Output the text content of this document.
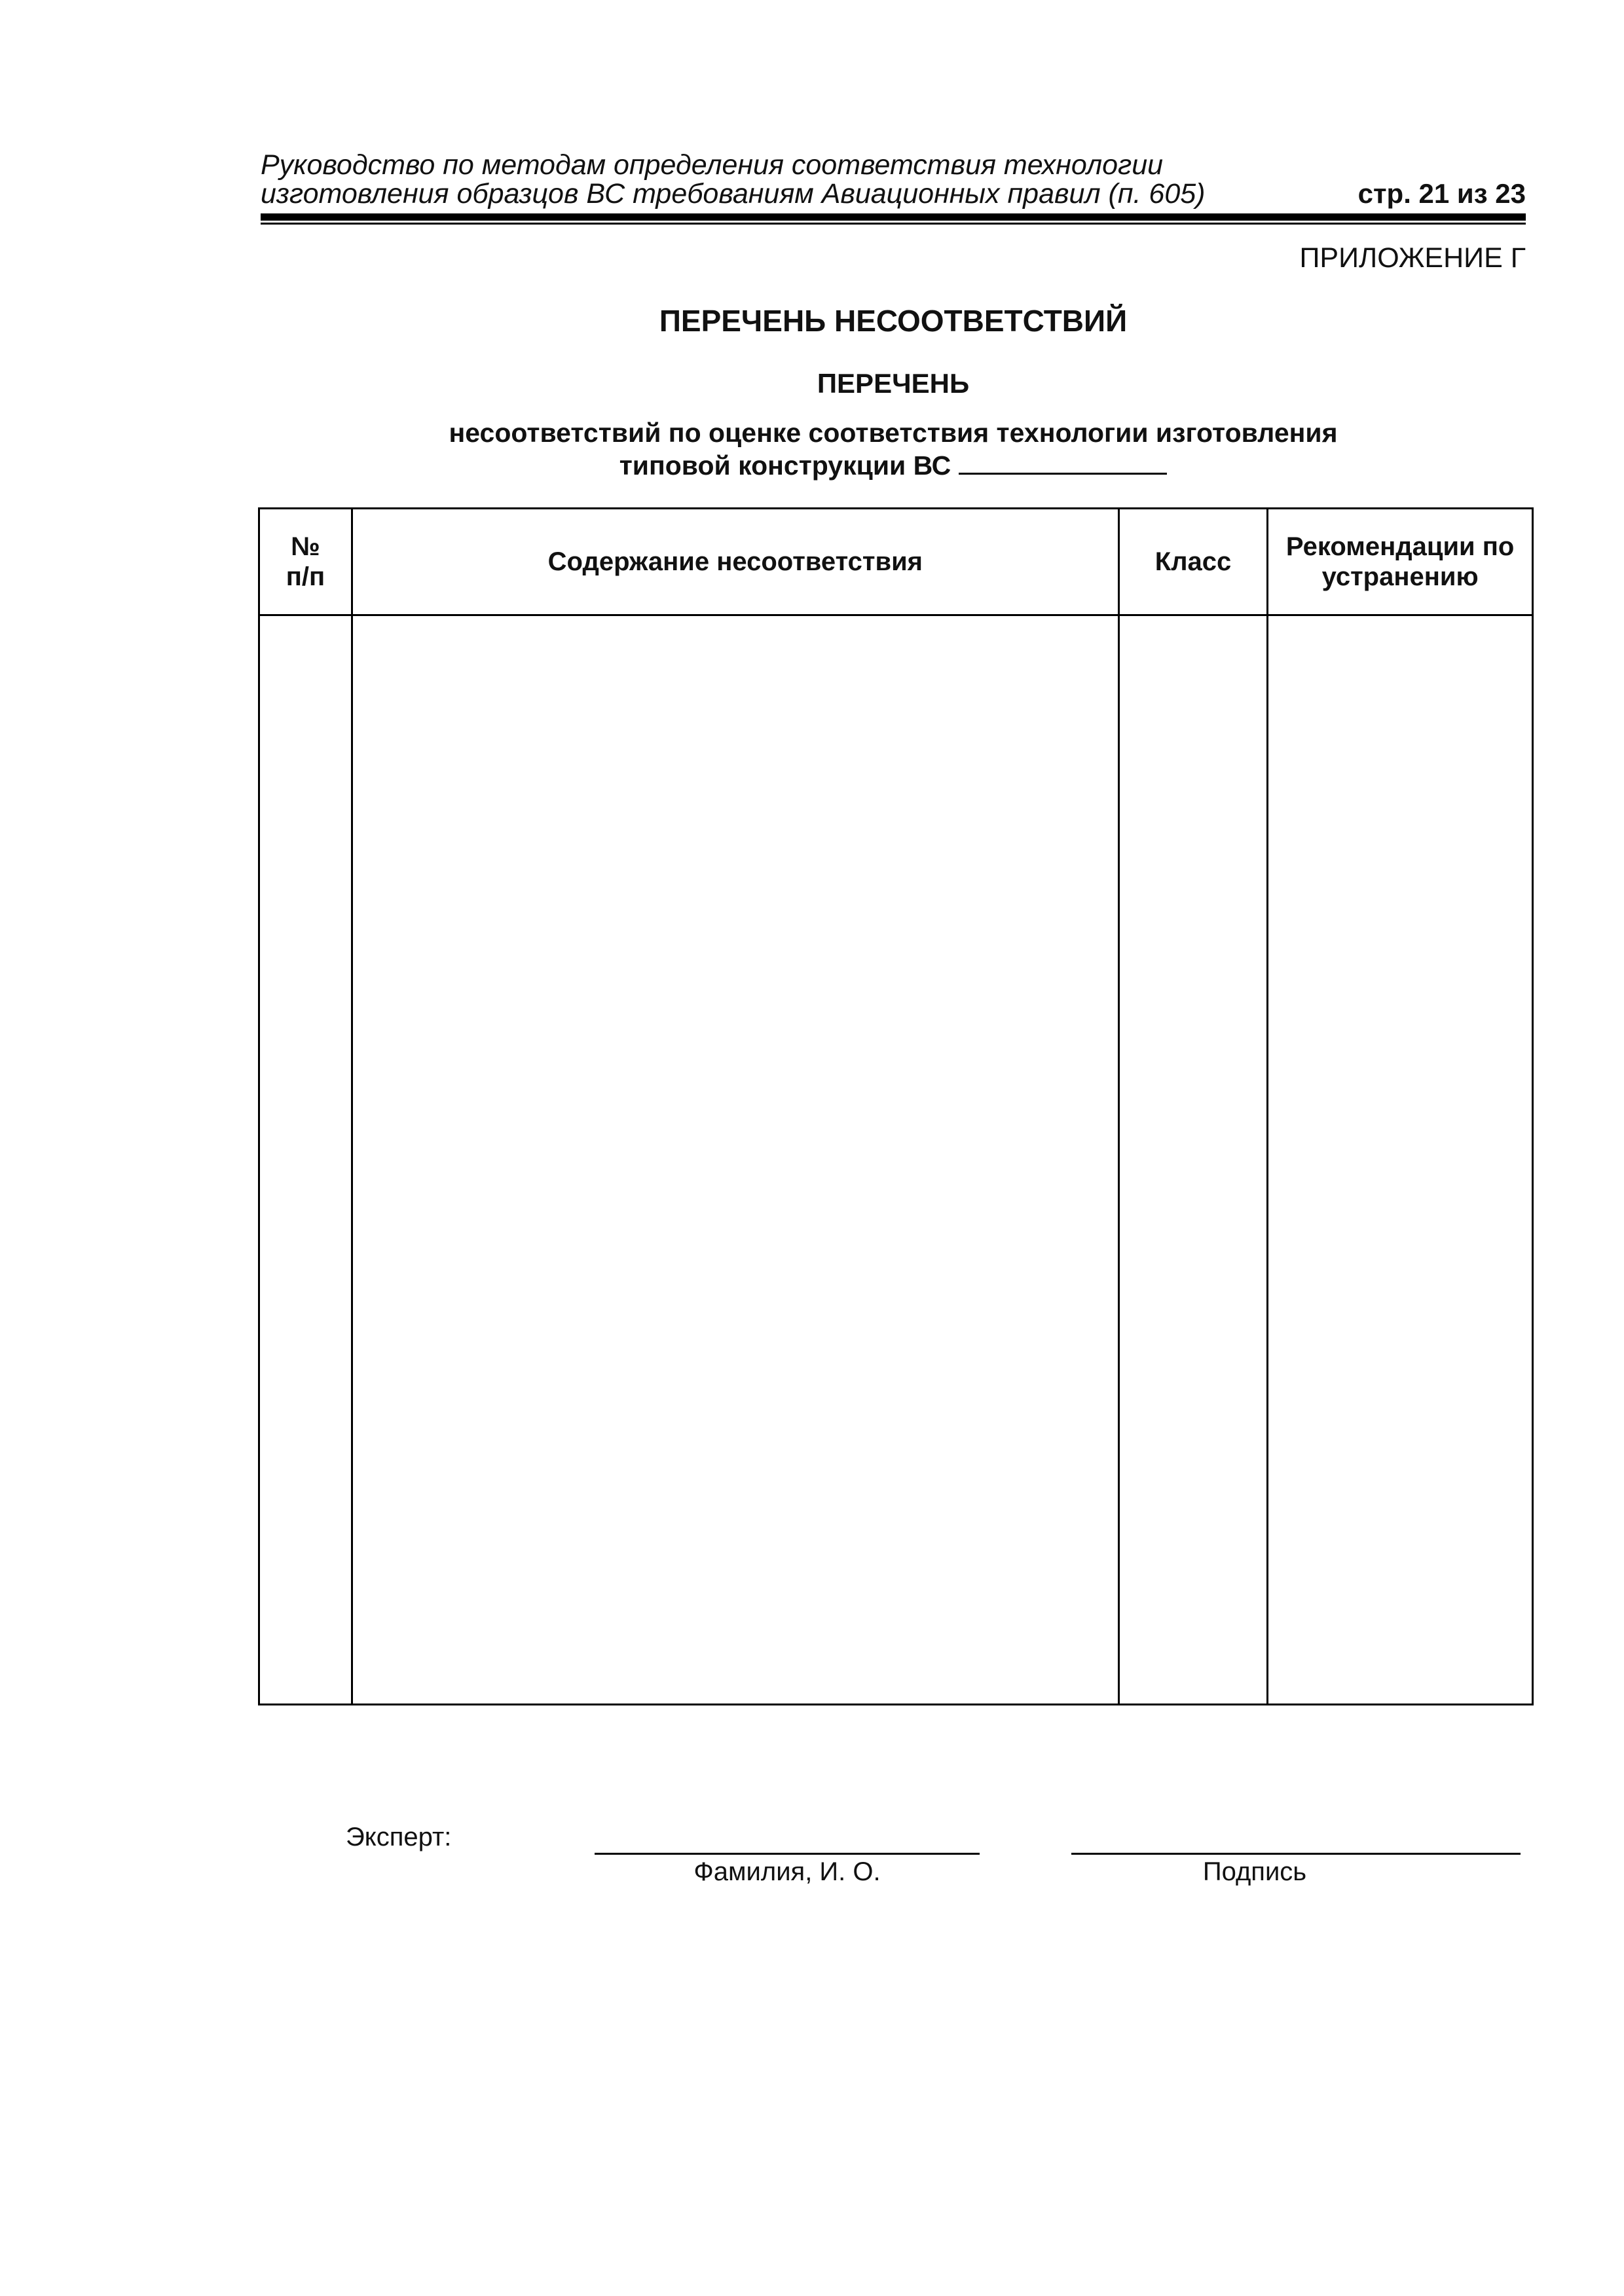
Руководство по методам определения соответствия технологии
изготовления образцов ВС требованиям Авиационных правил (п. 605)	стр. 21 из 23
ПРИЛОЖЕНИЕ Г
ПЕРЕЧЕНЬ НЕСООТВЕТСТВИЙ
ПЕРЕЧЕНЬ
несоответствий по оценке соответствия технологии изготовления
типовой конструкции ВС
№
п/п	Содержание несоответствия	Класс	Рекомендации по
устранению

Эксперт:
Фамилия, И. О.	Подпись
